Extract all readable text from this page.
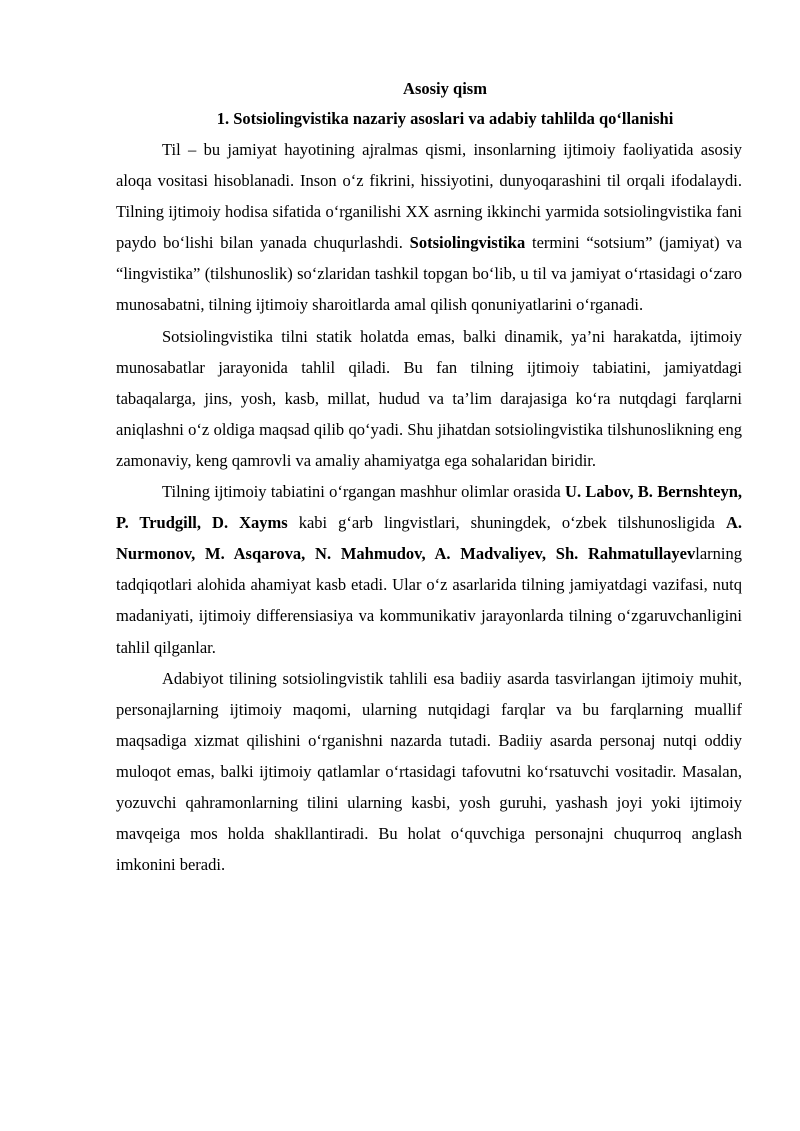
Asosiy qism
1. Sotsiolingvistika nazariy asoslari va adabiy tahlilda qo‘llanishi

Til – bu jamiyat hayotining ajralmas qismi, insonlarning ijtimoiy faoliyatida asosiy aloqa vositasi hisoblanadi. Inson o‘z fikrini, hissiyotini, dunyoqarashini til orqali ifodalaydi. Tilning ijtimoiy hodisa sifatida o‘rganilishi XX asrning ikkinchi yarmida sotsiolingvistika fani paydo bo‘lishi bilan yanada chuqurlashdi. Sotsiolingvistika termini “sotsium” (jamiyat) va “lingvistika” (tilshunoslik) so‘zlaridan tashkil topgan bo‘lib, u til va jamiyat o‘rtasidagi o‘zaro munosabatni, tilning ijtimoiy sharoitlarda amal qilish qonuniyatlarini o‘rganadi.

Sotsiolingvistika tilni statik holatda emas, balki dinamik, ya’ni harakatda, ijtimoiy munosabatlar jarayonida tahlil qiladi. Bu fan tilning ijtimoiy tabiatini, jamiyatdagi tabaqalarga, jins, yosh, kasb, millat, hudud va ta’lim darajasiga ko‘ra nutqdagi farqlarni aniqlashni o‘z oldiga maqsad qilib qo‘yadi. Shu jihatdan sotsiolingvistika tilshunoslikning eng zamonaviy, keng qamrovli va amaliy ahamiyatga ega sohalaridan biridir.

Tilning ijtimoiy tabiatini o‘rgangan mashhur olimlar orasida U. Labov, B. Bernshteyn, P. Trudgill, D. Xayms kabi g‘arb lingvistlari, shuningdek, o‘zbek tilshunosligida A. Nurmonov, M. Asqarova, N. Mahmudov, A. Madvaliyev, Sh. Rahmatullayevlarning tadqiqotlari alohida ahamiyat kasb etadi. Ular o‘z asarlarida tilning jamiyatdagi vazifasi, nutq madaniyati, ijtimoiy differensiasiya va kommunikativ jarayonlarda tilning o‘zgaruvchanligini tahlil qilganlar.

Adabiyot tilining sotsiolingvistik tahlili esa badiiy asarda tasvirlangan ijtimoiy muhit, personajlarning ijtimoiy maqomi, ularning nutqidagi farqlar va bu farqlarning muallif maqsadiga xizmat qilishini o‘rganishni nazarda tutadi. Badiiy asarda personaj nutqi oddiy muloqot emas, balki ijtimoiy qatlamlar o‘rtasidagi tafovutni ko‘rsatuvchi vositadir. Masalan, yozuvchi qahramonlarning tilini ularning kasbi, yosh guruhi, yashash joyi yoki ijtimoiy mavqeiga mos holda shakllantiradi. Bu holat o‘quvchiga personajni chuqurroq anglash imkonini beradi.
